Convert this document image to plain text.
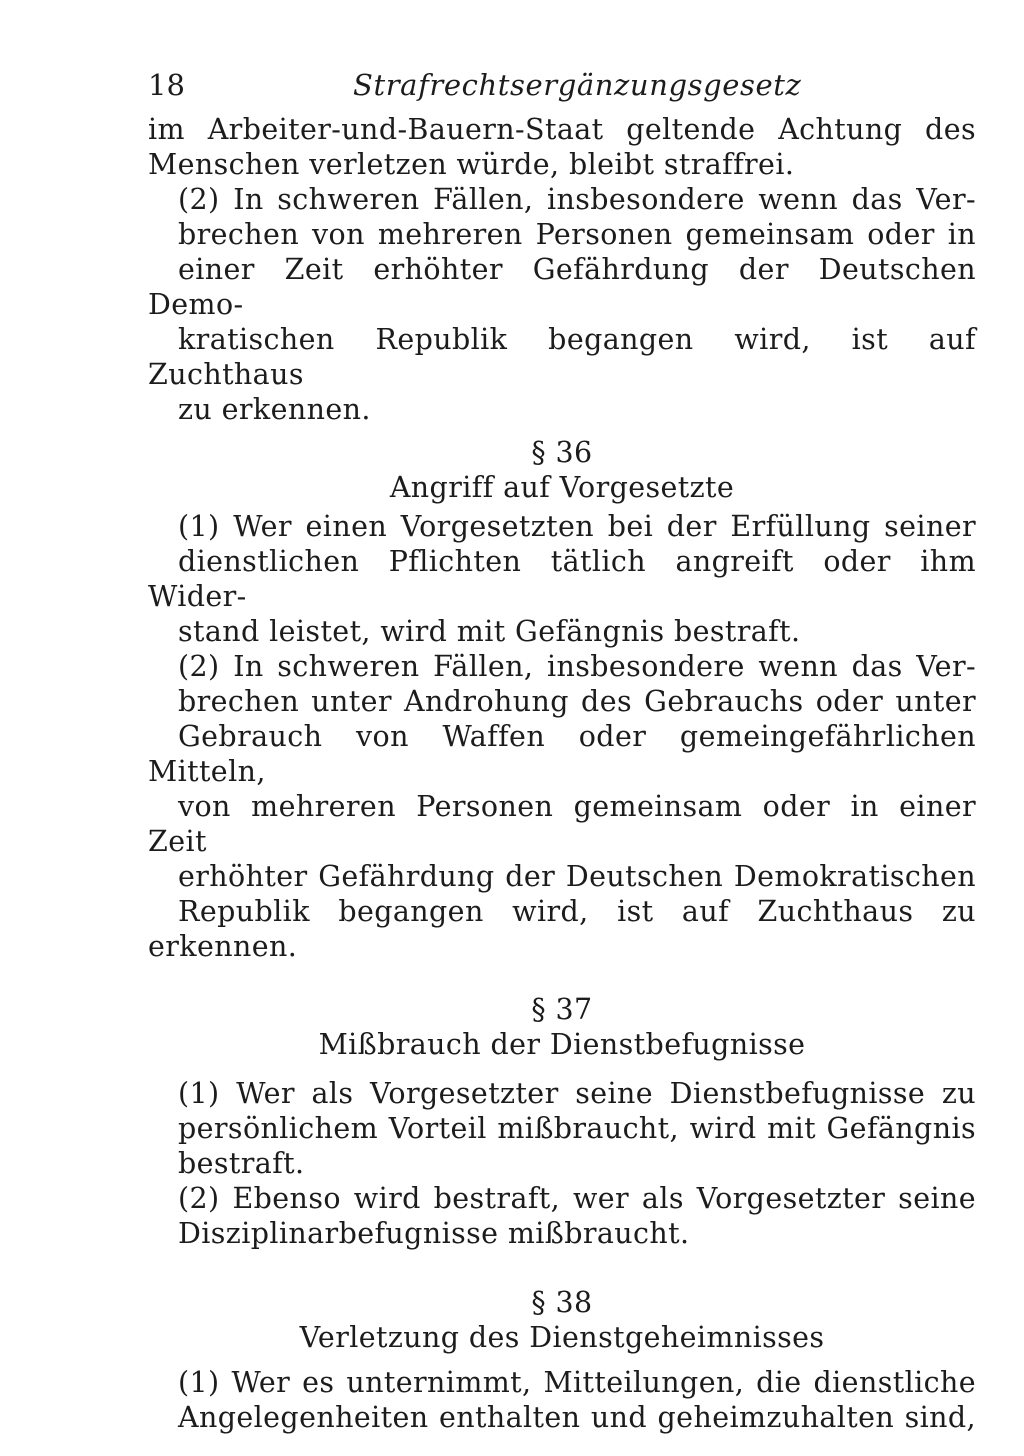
18	Strafrechtsergänzungsgesetz

im Arbeiter-und-Bauern-Staat geltende Achtung des
Menschen verletzen würde, bleibt straffrei.

(2) In schweren Fällen, insbesondere wenn das Ver-
brechen von mehreren Personen gemeinsam oder in
einer Zeit erhöhter Gefährdung der Deutschen Demo-
kratischen Republik begangen wird, ist auf Zuchthaus
zu erkennen.

§ 36

Angriff auf Vorgesetzte

(1) Wer einen Vorgesetzten bei der Erfüllung seiner
dienstlichen Pflichten tätlich angreift oder ihm Wider-
stand leistet, wird mit Gefängnis bestraft.

(2) In schweren Fällen, insbesondere wenn das Ver-
brechen unter Androhung des Gebrauchs oder unter
Gebrauch von Waffen oder gemeingefährlichen Mitteln,
von mehreren Personen gemeinsam oder in einer Zeit
erhöhter Gefährdung der Deutschen Demokratischen
Republik begangen wird, ist auf Zuchthaus zu erkennen.

§ 37

Mißbrauch der Dienstbefugnisse

(1) Wer als Vorgesetzter seine Dienstbefugnisse zu
persönlichem Vorteil mißbraucht, wird mit Gefängnis
bestraft.

(2) Ebenso wird bestraft, wer als Vorgesetzter seine
Disziplinarbefugnisse mißbraucht.

§ 38

Verletzung des Dienstgeheimnisses

(1) Wer es unternimmt, Mitteilungen, die dienstliche
Angelegenheiten enthalten und geheimzuhalten sind,
